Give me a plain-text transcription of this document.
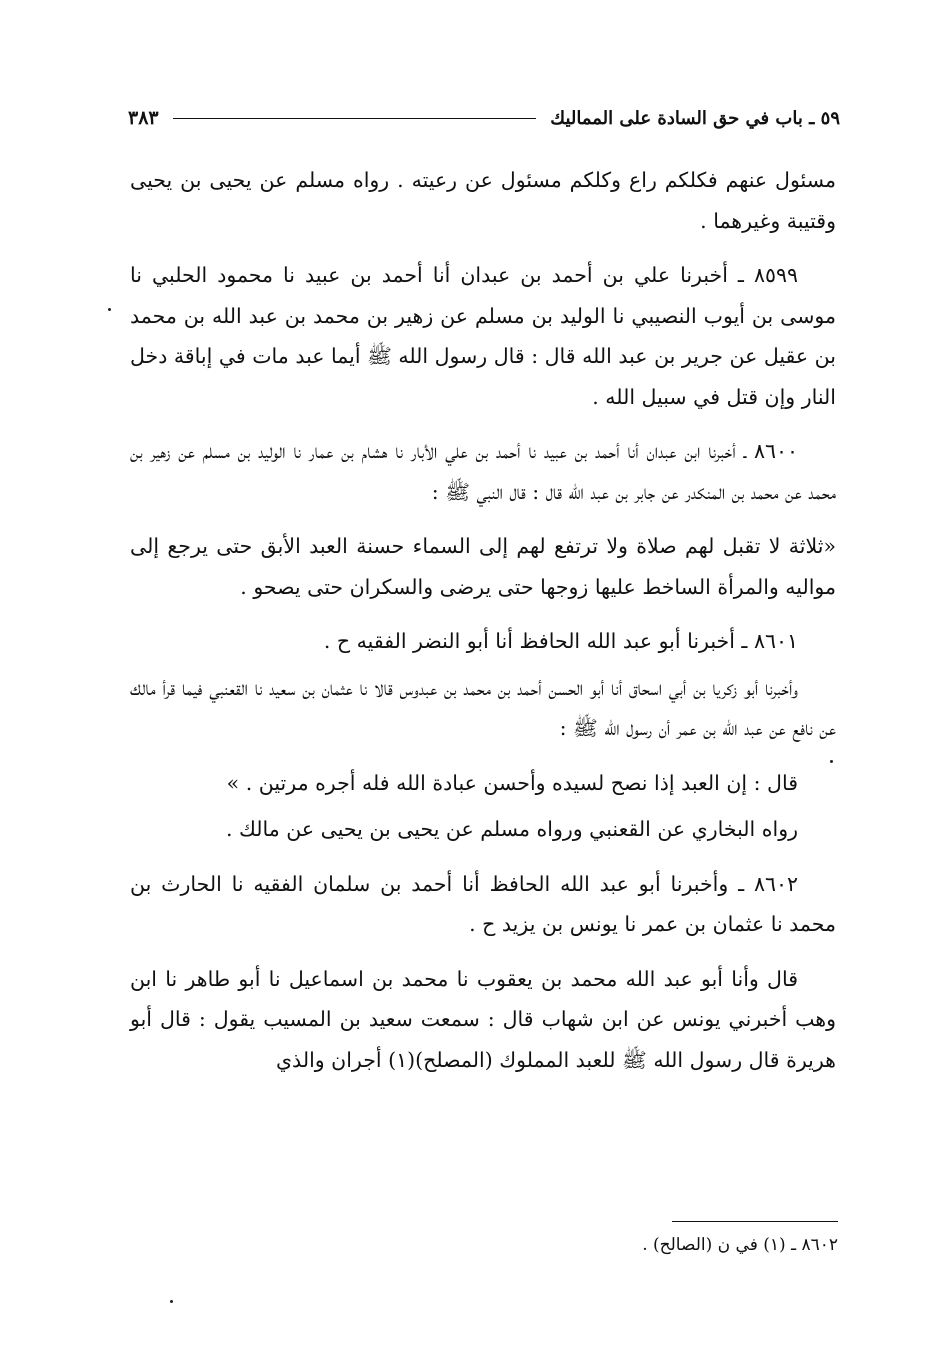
٥٩ ـ باب في حق السادة على المماليك
٣٨٣

مسئول عنهم فكلكم راع وكلكم مسئول عن رعيته . رواه مسلم عن يحيى بن يحيى وقتيبة وغيرهما .

٨٥٩٩ ـ أخبرنا علي بن أحمد بن عبدان أنا أحمد بن عبيد نا محمود الحلبي نا موسى بن أيوب النصيبي نا الوليد بن مسلم عن زهير بن محمد بن عبد الله بن محمد بن عقيل عن جرير بن عبد الله قال : قال رسول الله ﷺ أيما عبد مات في إباقة دخل النار وإن قتل في سبيل الله .

٨٦٠٠ ـ أخبرنا ابن عبدان أنا أحمد بن عبيد نا أحمد بن علي الأبار نا هشام بن عمار نا الوليد بن مسلم عن زهير بن محمد عن محمد بن المنكدر عن جابر بن عبد الله قال : قال النبي ﷺ :

«ثلاثة لا تقبل لهم صلاة ولا ترتفع لهم إلى السماء حسنة العبد الأبق حتى يرجع إلى مواليه والمرأة الساخط عليها زوجها حتى يرضى والسكران حتى يصحو .

٨٦٠١ ـ أخبرنا أبو عبد الله الحافظ أنا أبو النضر الفقيه ح .

وأخبرنا أبو زكريا بن أبي اسحاق أنا أبو الحسن أحمد بن محمد بن عبدوس قالا نا عثمان بن سعيد نا القعنبي فيما قرأ مالك عن نافع عن عبد الله بن عمر أن رسول الله ﷺ :

قال : إن العبد إذا نصح لسيده وأحسن عبادة الله فله أجره مرتين . »

رواه البخاري عن القعنبي ورواه مسلم عن يحيى بن يحيى عن مالك .

٨٦٠٢ ـ وأخبرنا أبو عبد الله الحافظ أنا أحمد بن سلمان الفقيه نا الحارث بن محمد نا عثمان بن عمر نا يونس بن يزيد ح .

قال وأنا أبو عبد الله محمد بن يعقوب نا محمد بن اسماعيل نا أبو طاهر نا ابن وهب أخبرني يونس عن ابن شهاب قال : سمعت سعيد بن المسيب يقول : قال أبو هريرة قال رسول الله ﷺ للعبد المملوك (المصلح)(١) أجران والذي

٨٦٠٢ ـ (١) في ن (الصالح) .
